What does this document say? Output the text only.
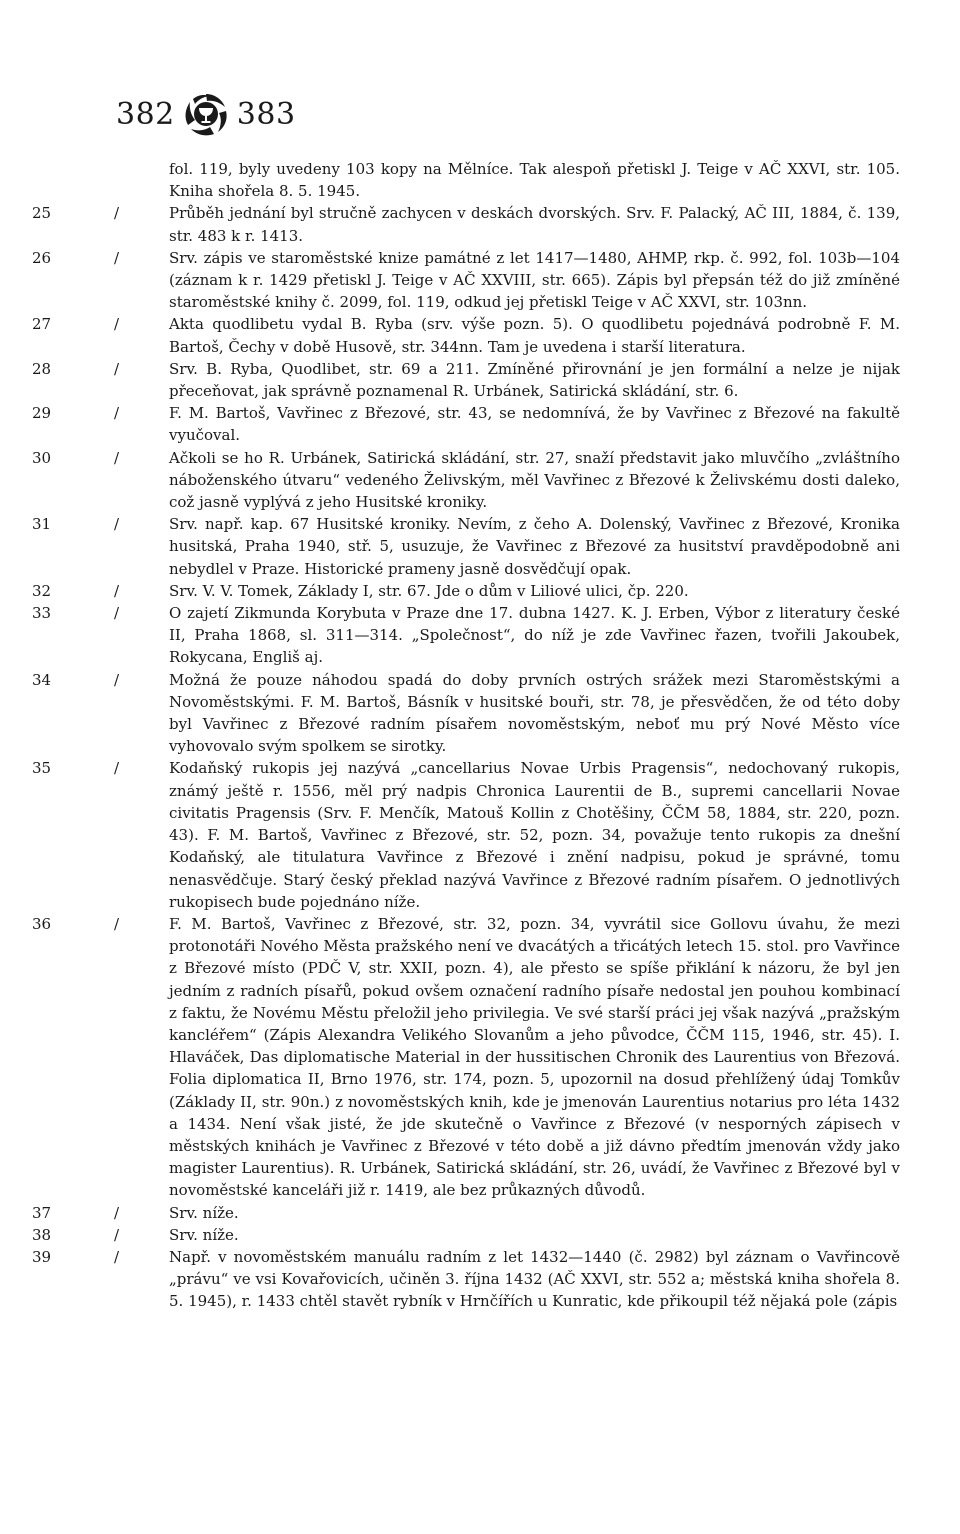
382 383
fol. 119, byly uvedeny 103 kopy na Mělníce. Tak alespoň přetiskl J. Teige v AČ XXVI, str. 105. Kniha shořela 8. 5. 1945.
25	/	Průběh jednání byl stručně zachycen v deskách dvorských. Srv. F. Palacký, AČ III, 1884, č. 139, str. 483 k r. 1413.
26	/	Srv. zápis ve staroměstské knize památné z let 1417—1480, AHMP, rkp. č. 992, fol. 103b—104 (záznam k r. 1429 přetiskl J. Teige v AČ XXVIII, str. 665). Zápis byl přepsán též do již zmíněné staroměstské knihy č. 2099, fol. 119, odkud jej přetiskl Teige v AČ XXVI, str. 103nn.
27	/	Akta quodlibetu vydal B. Ryba (srv. výše pozn. 5). O quodlibetu pojednává podrobně F. M. Bartoš, Čechy v době Husově, str. 344nn. Tam je uvedena i starší literatura.
28	/	Srv. B. Ryba, Quodlibet, str. 69 a 211. Zmíněné přirovnání je jen formální a nelze je nijak přeceňovat, jak správně poznamenal R. Urbánek, Satirická skládání, str. 6.
29	/	F. M. Bartoš, Vavřinec z Březové, str. 43, se nedomnívá, že by Vavřinec z Březové na fakultě vyučoval.
30	/	Ačkoli se ho R. Urbánek, Satirická skládání, str. 27, snaží představit jako mluvčího „zvláštního náboženského útvaru“ vedeného Želivským, měl Vavřinec z Březové k Želivskému dosti daleko, což jasně vyplývá z jeho Husitské kroniky.
31	/	Srv. např. kap. 67 Husitské kroniky. Nevím, z čeho A. Dolenský, Vavřinec z Březové, Kronika husitská, Praha 1940, stř. 5, usuzuje, že Vavřinec z Březové za husitství pravděpodobně ani nebydlel v Praze. Historické prameny jasně dosvědčují opak.
32	/	Srv. V. V. Tomek, Základy I, str. 67. Jde o dům v Liliové ulici, čp. 220.
33	/	O zajetí Zikmunda Korybuta v Praze dne 17. dubna 1427. K. J. Erben, Výbor z literatury české II, Praha 1868, sl. 311—314. „Společnost“, do níž je zde Vavřinec řazen, tvořili Jakoubek, Rokycana, Engliš aj.
34	/	Možná že pouze náhodou spadá do doby prvních ostrých srážek mezi Staroměstskými a Novoměstskými. F. M. Bartoš, Básník v husitské bouři, str. 78, je přesvědčen, že od této doby byl Vavřinec z Březové radním písařem novoměstským, neboť mu prý Nové Město více vyhovovalo svým spolkem se sirotky.
35	/	Kodaňský rukopis jej nazývá „cancellarius Novae Urbis Pragensis“, nedochovaný rukopis, známý ještě r. 1556, měl prý nadpis Chronica Laurentii de B., supremi cancellarii Novae civitatis Pragensis (Srv. F. Menčík, Matouš Kollin z Chotěšiny, ČČM 58, 1884, str. 220, pozn. 43). F. M. Bartoš, Vavřinec z Březové, str. 52, pozn. 34, považuje tento rukopis za dnešní Kodaňský, ale titulatura Vavřince z Březové i znění nadpisu, pokud je správné, tomu nenasvědčuje. Starý český překlad nazývá Vavřince z Březové radním písařem. O jednotlivých rukopisech bude pojednáno níže.
36	/	F. M. Bartoš, Vavřinec z Březové, str. 32, pozn. 34, vyvrátil sice Gollovu úvahu, že mezi protonotáři Nového Města pražského není ve dvacátých a třicátých letech 15. stol. pro Vavřince z Březové místo (PDČ V, str. XXII, pozn. 4), ale přesto se spíše přiklání k názoru, že byl jen jedním z radních písařů, pokud ovšem označení radního písaře nedostal jen pouhou kombinací z faktu, že Novému Městu přeložil jeho privilegia. Ve své starší práci jej však nazývá „pražským kancléřem“ (Zápis Alexandra Velikého Slovanům a jeho původce, ČČM 115, 1946, str. 45). I. Hlaváček, Das diplomatische Material in der hussitischen Chronik des Laurentius von Březová. Folia diplomatica II, Brno 1976, str. 174, pozn. 5, upozornil na dosud přehlížený údaj Tomkův (Základy II, str. 90n.) z novoměstských knih, kde je jmenován Laurentius notarius pro léta 1432 a 1434. Není však jisté, že jde skutečně o Vavřince z Březové (v nesporných zápisech v městských knihách je Vavřinec z Březové v této době a již dávno předtím jmenován vždy jako magister Laurentius). R. Urbánek, Satirická skládání, str. 26, uvádí, že Vavřinec z Březové byl v novoměstské kanceláři již r. 1419, ale bez průkazných důvodů.
37	/	Srv. níže.
38	/	Srv. níže.
39	/	Např. v novoměstském manuálu radním z let 1432—1440 (č. 2982) byl záznam o Vavřincově „právu“ ve vsi Kovařovicích, učiněn 3. října 1432 (AČ XXVI, str. 552 a; městská kniha shořela 8. 5. 1945), r. 1433 chtěl stavět rybník v Hrnčířích u Kunratic, kde přikoupil též nějaká pole (zápis
